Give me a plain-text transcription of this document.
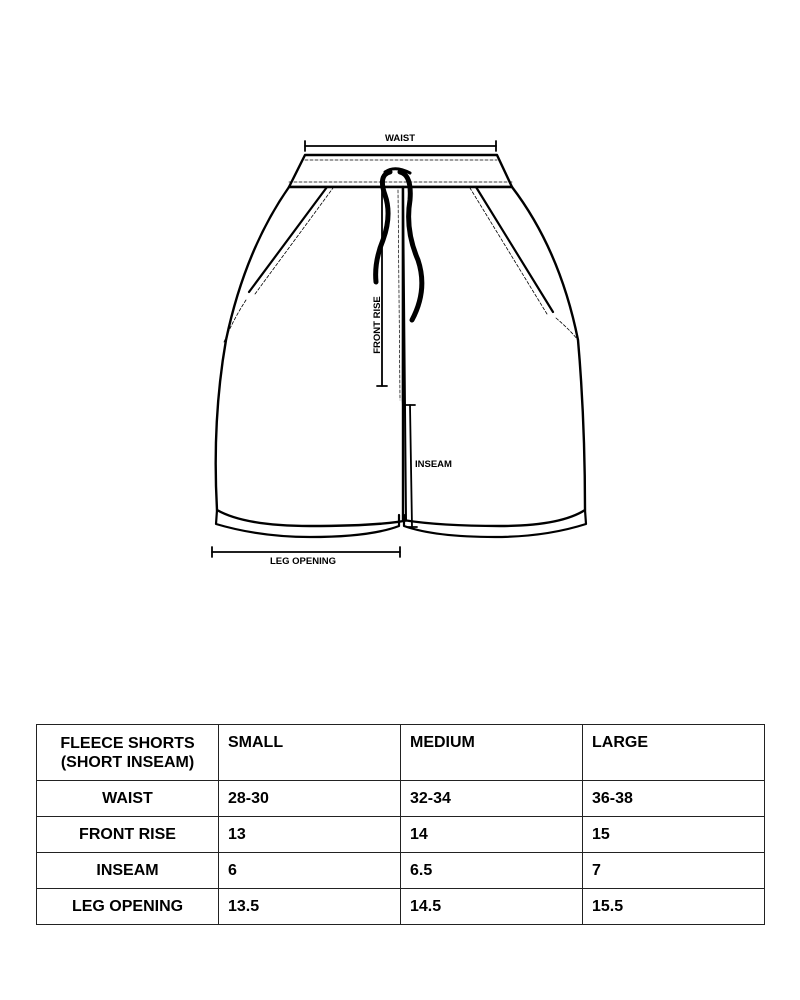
WAIST
FRONT RISE
INSEAM
LEG OPENING
FLEECE SHORTS
(SHORT INSEAM)	SMALL	MEDIUM	LARGE
WAIST	28-30	32-34	36-38
FRONT RISE	13	14	15
INSEAM	6	6.5	7
LEG OPENING	13.5	14.5	15.5
